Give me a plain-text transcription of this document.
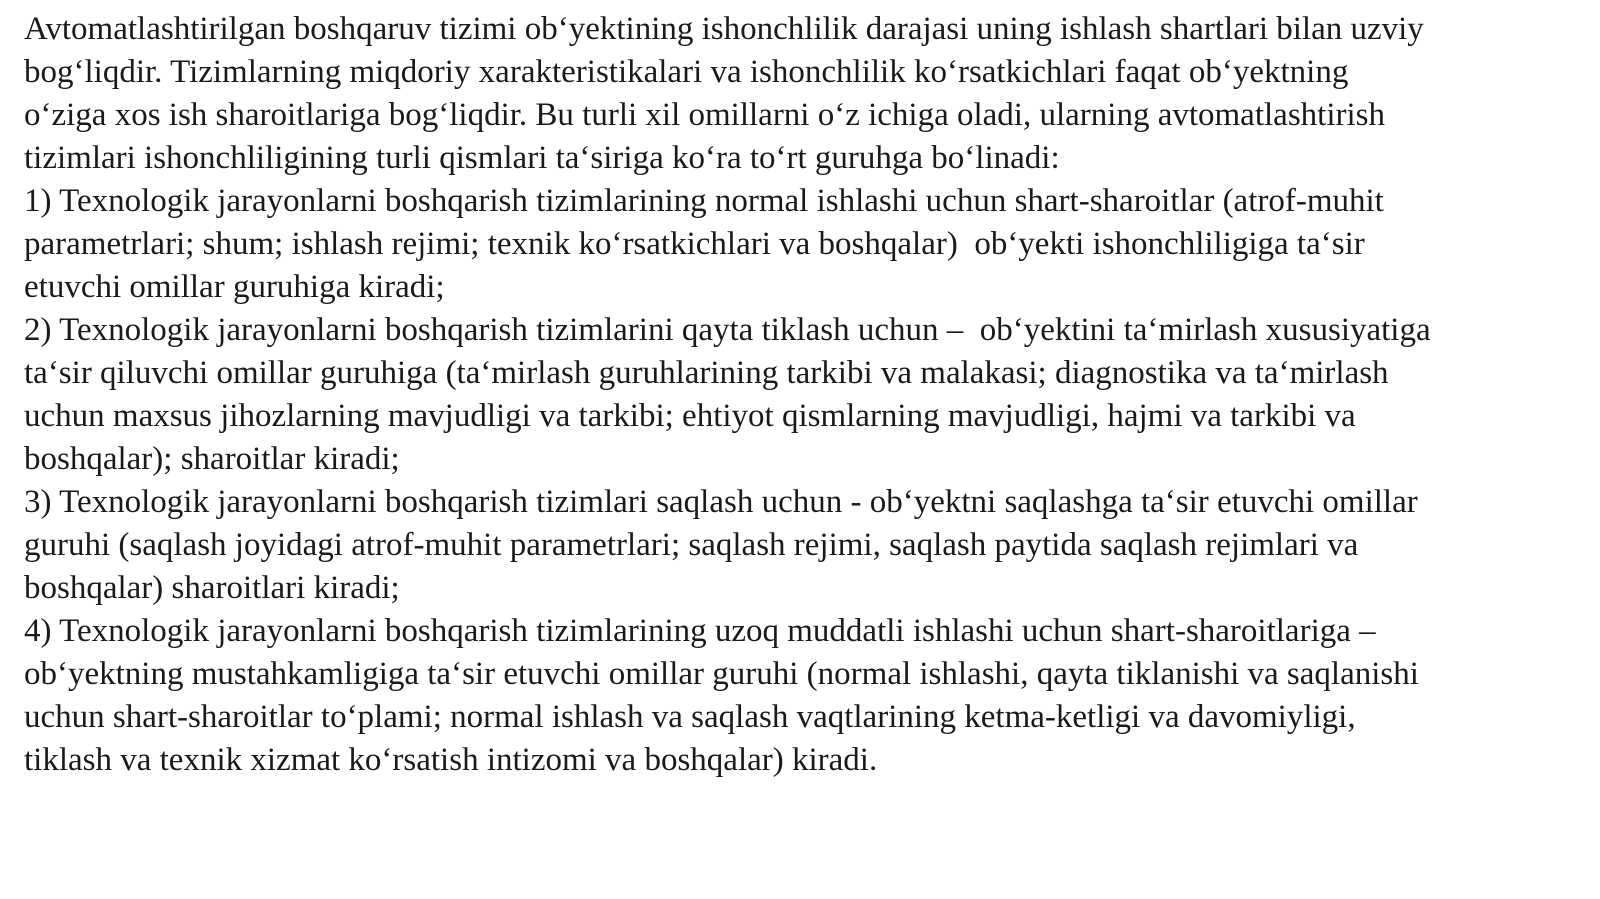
Avtomatlashtirilgan boshqaruv tizimi ob‘yektining ishonchlilik darajasi uning ishlash shartlari bilan uzviy
bog‘liqdir. Tizimlarning miqdoriy xarakteristikalari va ishonchlilik ko‘rsatkichlari faqat ob‘yektning
o‘ziga xos ish sharoitlariga bog‘liqdir. Bu turli xil omillarni o‘z ichiga oladi, ularning avtomatlashtirish
tizimlari ishonchliligining turli qismlari ta‘siriga ko‘ra to‘rt guruhga bo‘linadi:
1) Texnologik jarayonlarni boshqarish tizimlarining normal ishlashi uchun shart-sharoitlar (atrof-muhit
parametrlari; shum; ishlash rejimi; texnik ko‘rsatkichlari va boshqalar)  ob‘yekti ishonchliligiga ta‘sir
etuvchi omillar guruhiga kiradi;
2) Texnologik jarayonlarni boshqarish tizimlarini qayta tiklash uchun –  ob‘yektini ta‘mirlash xususiyatiga
ta‘sir qiluvchi omillar guruhiga (ta‘mirlash guruhlarining tarkibi va malakasi; diagnostika va ta‘mirlash
uchun maxsus jihozlarning mavjudligi va tarkibi; ehtiyot qismlarning mavjudligi, hajmi va tarkibi va
boshqalar); sharoitlar kiradi;
3) Texnologik jarayonlarni boshqarish tizimlari saqlash uchun - ob‘yektni saqlashga ta‘sir etuvchi omillar
guruhi (saqlash joyidagi atrof-muhit parametrlari; saqlash rejimi, saqlash paytida saqlash rejimlari va
boshqalar) sharoitlari kiradi;
4) Texnologik jarayonlarni boshqarish tizimlarining uzoq muddatli ishlashi uchun shart-sharoitlariga –
ob‘yektning mustahkamligiga ta‘sir etuvchi omillar guruhi (normal ishlashi, qayta tiklanishi va saqlanishi
uchun shart-sharoitlar to‘plami; normal ishlash va saqlash vaqtlarining ketma-ketligi va davomiyligi,
tiklash va texnik xizmat ko‘rsatish intizomi va boshqalar) kiradi.
